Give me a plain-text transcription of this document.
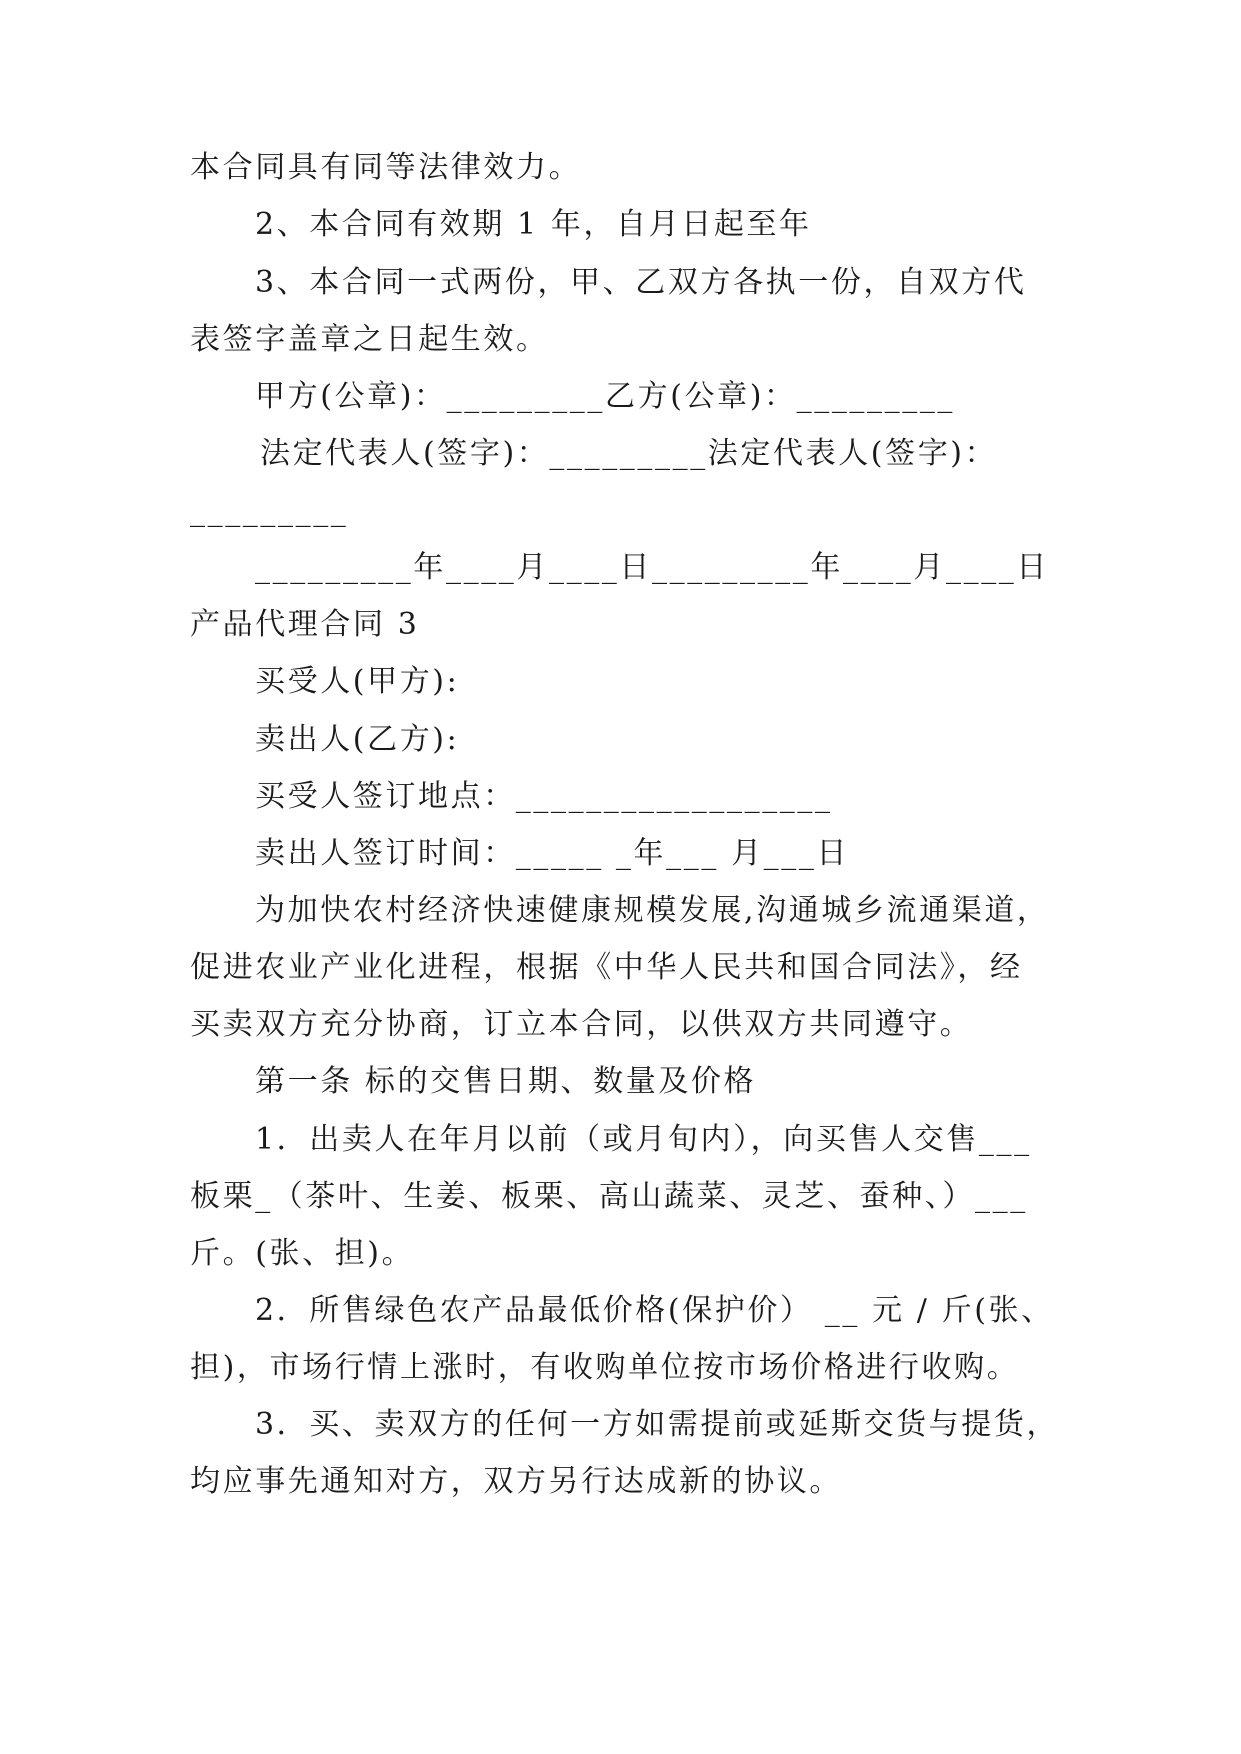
本合同具有同等法律效力。
2、本合同有效期 1 年，自月日起至年
3、本合同一式两份，甲、乙双方各执一份，自双方代
表签字盖章之日起生效。
甲方(公章)：_________乙方(公章)：_________
法定代表人(签字)：_________法定代表人(签字)：
_________
_________年____月____日_________年____月____日
产品代理合同 3
买受人(甲方):
卖出人(乙方):
买受人签订地点：__________________
卖出人签订时间：_____ _年___ 月___日
为加快农村经济快速健康规模发展,沟通城乡流通渠道，
促进农业产业化进程，根据《中华人民共和国合同法》，经
买卖双方充分协商，订立本合同，以供双方共同遵守。
第一条 标的交售日期、数量及价格
1．出卖人在年月以前（或月旬内），向买售人交售___
板栗_（茶叶、生姜、板栗、高山蔬菜、灵芝、蚕种、）___
斤。(张、担)。
2．所售绿色农产品最低价格(保护价） __ 元 / 斤(张、
担)，市场行情上涨时，有收购单位按市场价格进行收购。
3．买、卖双方的任何一方如需提前或延斯交货与提货，
均应事先通知对方，双方另行达成新的协议。
